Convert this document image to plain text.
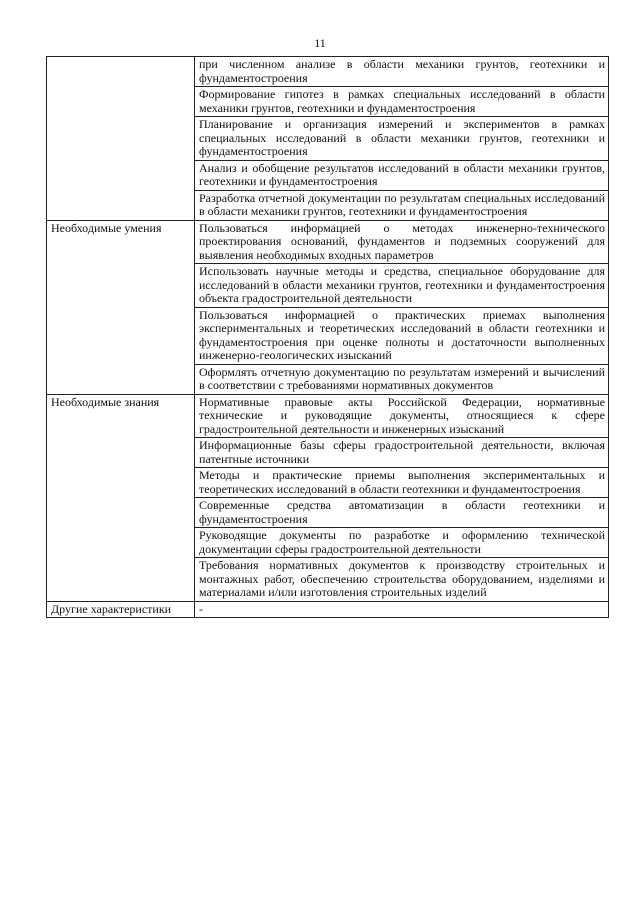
11
	при численном анализе в области механики грунтов, геотехники и фундаментостроения
	Формирование гипотез в рамках специальных исследований в области механики грунтов, геотехники и фундаментостроения
	Планирование и организация измерений и экспериментов в рамках специальных исследований в области механики грунтов, геотехники и фундаментостроения
	Анализ и обобщение результатов исследований в области механики грунтов, геотехники и фундаментостроения
	Разработка отчетной документации по результатам специальных исследований в области механики грунтов, геотехники и фундаментостроения
Необходимые умения	Пользоваться информацией о методах инженерно-технического проектирования оснований, фундаментов и подземных сооружений для выявления необходимых входных параметров
	Использовать научные методы и средства, специальное оборудование для исследований в области механики грунтов, геотехники и фундаментостроения объекта градостроительной деятельности
	Пользоваться информацией о практических приемах выполнения экспериментальных и теоретических исследований в области геотехники и фундаментостроения при оценке полноты и достаточности выполненных инженерно-геологических изысканий
	Оформлять отчетную документацию по результатам измерений и вычислений в соответствии с требованиями нормативных документов
Необходимые знания	Нормативные правовые акты Российской Федерации, нормативные технические и руководящие документы, относящиеся к сфере градостроительной деятельности и инженерных изысканий
	Информационные базы сферы градостроительной деятельности, включая патентные источники
	Методы и практические приемы выполнения экспериментальных и теоретических исследований в области геотехники и фундаментостроения
	Современные средства автоматизации в области геотехники и фундаментостроения
	Руководящие документы по разработке и оформлению технической документации сферы градостроительной деятельности
	Требования нормативных документов к производству строительных и монтажных работ, обеспечению строительства оборудованием, изделиями и материалами и/или изготовления строительных изделий
Другие характеристики	-
